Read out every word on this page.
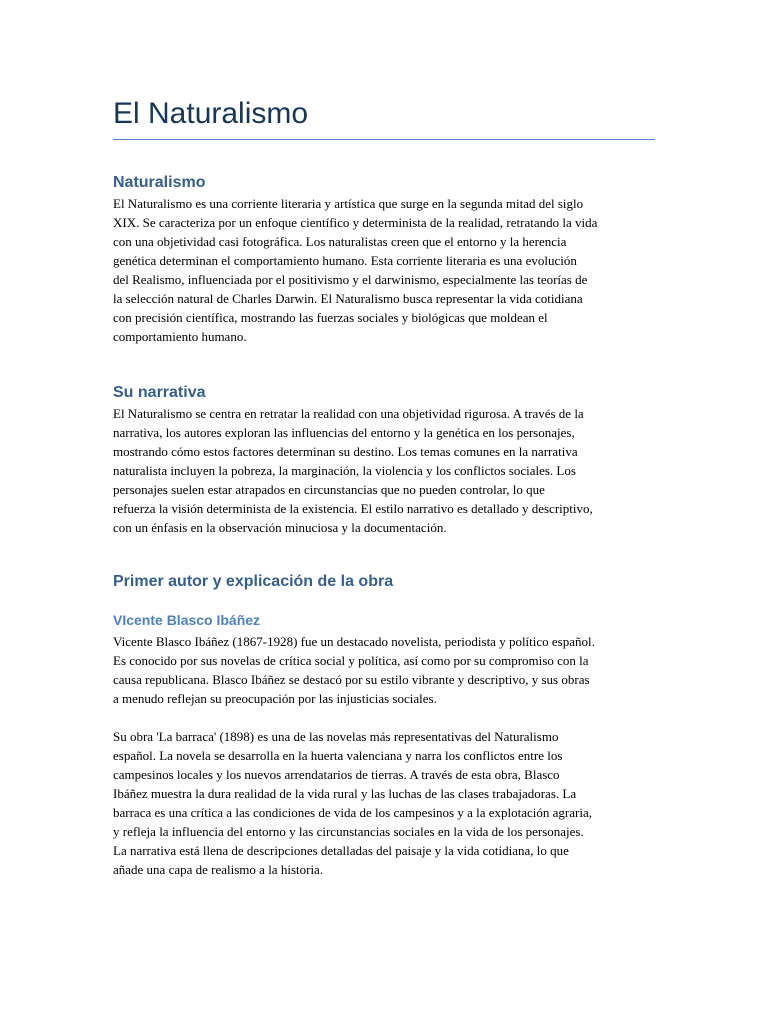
El Naturalismo
Naturalismo
El Naturalismo es una corriente literaria y artística que surge en la segunda mitad del siglo
XIX. Se caracteriza por un enfoque científico y determinista de la realidad, retratando la vida
con una objetividad casi fotográfica. Los naturalistas creen que el entorno y la herencia
genética determinan el comportamiento humano. Esta corriente literaria es una evolución
del Realismo, influenciada por el positivismo y el darwinismo, especialmente las teorías de
la selección natural de Charles Darwin. El Naturalismo busca representar la vida cotidiana
con precisión científica, mostrando las fuerzas sociales y biológicas que moldean el
comportamiento humano.
Su narrativa
El Naturalismo se centra en retratar la realidad con una objetividad rigurosa. A través de la
narrativa, los autores exploran las influencias del entorno y la genética en los personajes,
mostrando cómo estos factores determinan su destino. Los temas comunes en la narrativa
naturalista incluyen la pobreza, la marginación, la violencia y los conflictos sociales. Los
personajes suelen estar atrapados en circunstancias que no pueden controlar, lo que
refuerza la visión determinista de la existencia. El estilo narrativo es detallado y descriptivo,
con un énfasis en la observación minuciosa y la documentación.
Primer autor y explicación de la obra
VIcente Blasco Ibáñez
Vicente Blasco Ibáñez (1867-1928) fue un destacado novelista, periodista y político español.
Es conocido por sus novelas de crítica social y política, así como por su compromiso con la
causa republicana. Blasco Ibáñez se destacó por su estilo vibrante y descriptivo, y sus obras
a menudo reflejan su preocupación por las injusticias sociales.
Su obra 'La barraca' (1898) es una de las novelas más representativas del Naturalismo
español. La novela se desarrolla en la huerta valenciana y narra los conflictos entre los
campesinos locales y los nuevos arrendatarios de tierras. A través de esta obra, Blasco
Ibáñez muestra la dura realidad de la vida rural y las luchas de las clases trabajadoras. La
barraca es una crítica a las condiciones de vida de los campesinos y a la explotación agraria,
y refleja la influencia del entorno y las circunstancias sociales en la vida de los personajes.
La narrativa está llena de descripciones detalladas del paisaje y la vida cotidiana, lo que
añade una capa de realismo a la historia.
